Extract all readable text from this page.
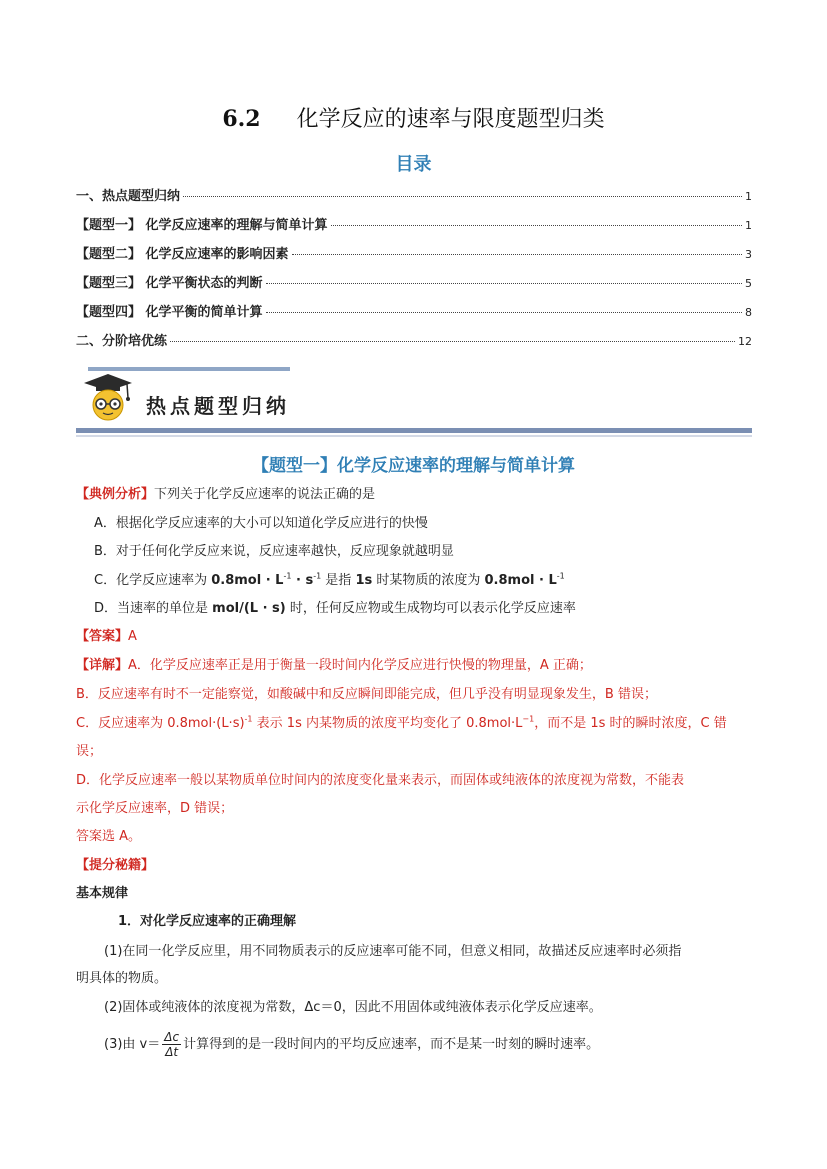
6.2 化学反应的速率与限度题型归类
目录
一、热点题型归纳	1
【题型一】 化学反应速率的理解与简单计算	1
【题型二】 化学反应速率的影响因素	3
【题型三】 化学平衡状态的判断	5
【题型四】 化学平衡的简单计算	8
二、分阶培优练	12
热点题型归纳
【题型一】化学反应速率的理解与简单计算
【典例分析】下列关于化学反应速率的说法正确的是
A．根据化学反应速率的大小可以知道化学反应进行的快慢
B．对于任何化学反应来说，反应速率越快，反应现象就越明显
C．化学反应速率为 $0.8mol \cdot L^{-1} \cdot s^{-1}$ 是指 1s 时某物质的浓度为 $0.8mol \cdot L^{-1}$
D．当速率的单位是 mol/(L · s) 时，任何反应物或生成物均可以表示化学反应速率
【答案】A
【详解】A．化学反应速率正是用于衡量一段时间内化学反应进行快慢的物理量，A 正确；
B．反应速率有时不一定能察觉，如酸碱中和反应瞬间即能完成，但几乎没有明显现象发生，B 错误；
C．反应速率为 $0.8mol\cdot(L\cdot s)^{-1}$ 表示 1s 内某物质的浓度平均变化了 $0.8mol\cdot L^{-1}$，而不是 1s 时的瞬时浓度，C 错
误；
D．化学反应速率一般以某物质单位时间内的浓度变化量来表示，而固体或纯液体的浓度视为常数，不能表
示化学反应速率，D 错误；
答案选 A。
【提分秘籍】
基本规律
1．对化学反应速率的正确理解
(1)在同一化学反应里，用不同物质表示的反应速率可能不同，但意义相同，故描述反应速率时必须指
明具体的物质。
(2)固体或纯液体的浓度视为常数，Δc＝0，因此不用固体或纯液体表示化学反应速率。
(3)由 $v= \frac{\Delta c}{\Delta t}$ 计算得到的是一段时间内的平均反应速率，而不是某一时刻的瞬时速率。
